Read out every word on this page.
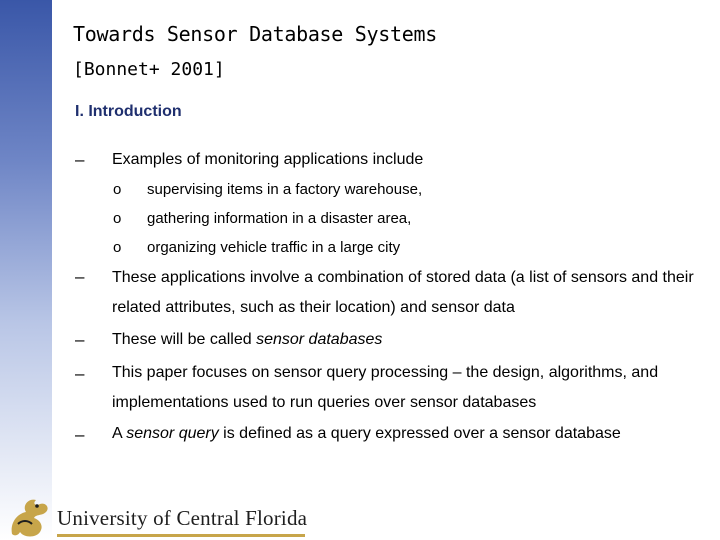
Towards Sensor Database Systems
[Bonnet+ 2001]
I. Introduction
– Examples of monitoring applications include
o supervising items in a factory warehouse,
o gathering information in a disaster area,
o organizing vehicle traffic in a large city
– These applications involve a combination of stored data (a list of sensors and their related attributes, such as their location) and sensor data
– These will be called sensor databases
– This paper focuses on sensor query processing – the design, algorithms, and implementations used to run queries over sensor databases
– A sensor query is defined as a query expressed over a sensor database
University of Central Florida
